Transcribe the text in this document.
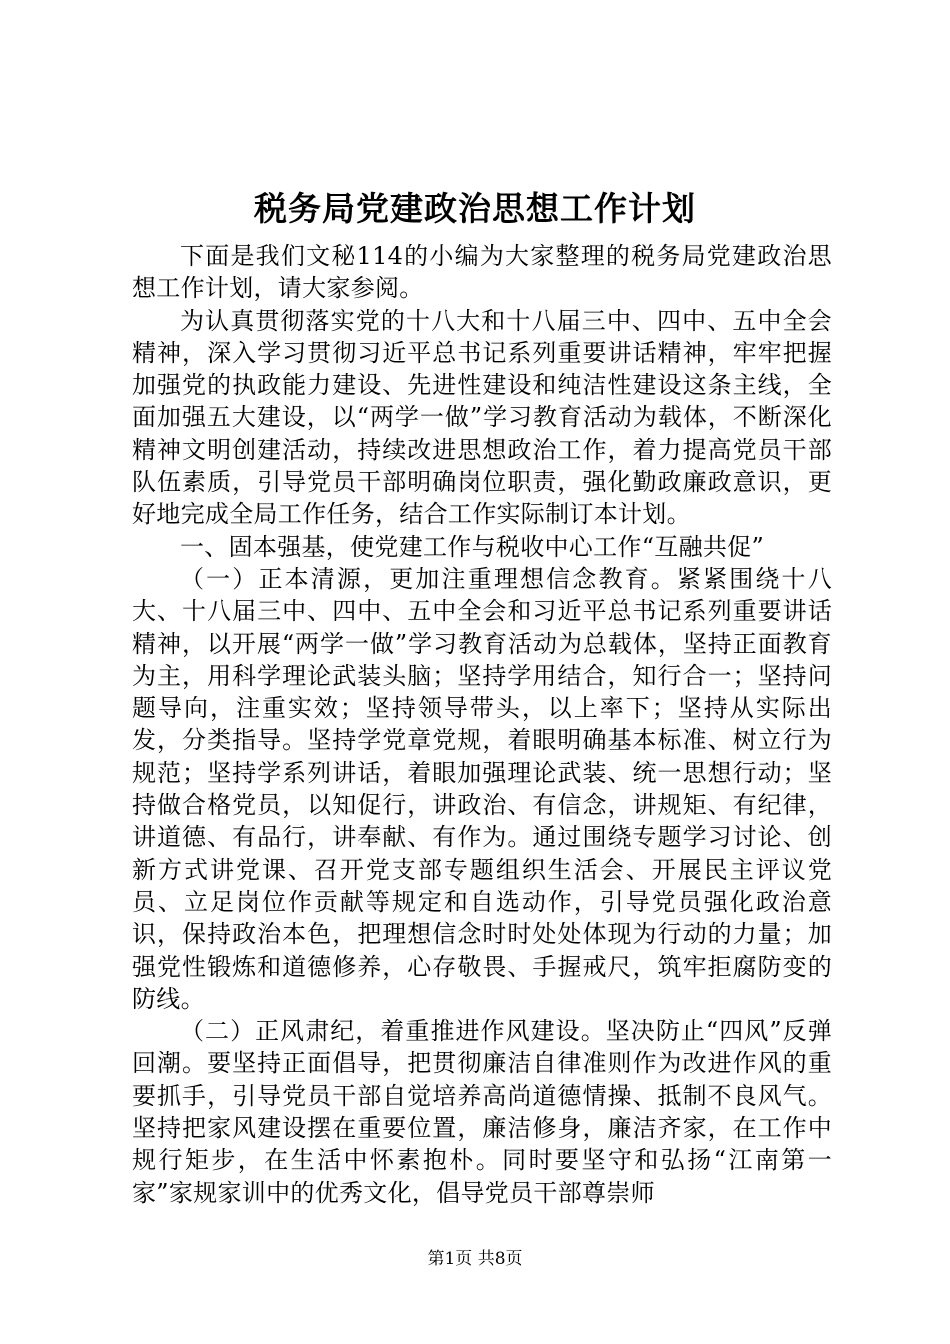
税务局党建政治思想工作计划

下面是我们文秘114的小编为大家整理的税务局党建政治思想工作计划，请大家参阅。

为认真贯彻落实党的十八大和十八届三中、四中、五中全会精神，深入学习贯彻习近平总书记系列重要讲话精神，牢牢把握加强党的执政能力建设、先进性建设和纯洁性建设这条主线，全面加强五大建设，以“两学一做”学习教育活动为载体，不断深化精神文明创建活动，持续改进思想政治工作，着力提高党员干部队伍素质，引导党员干部明确岗位职责，强化勤政廉政意识，更好地完成全局工作任务，结合工作实际制订本计划。

一、固本强基，使党建工作与税收中心工作“互融共促”

（一）正本清源，更加注重理想信念教育。紧紧围绕十八大、十八届三中、四中、五中全会和习近平总书记系列重要讲话精神，以开展“两学一做”学习教育活动为总载体，坚持正面教育为主，用科学理论武装头脑；坚持学用结合，知行合一；坚持问题导向，注重实效；坚持领导带头，以上率下；坚持从实际出发，分类指导。坚持学党章党规，着眼明确基本标准、树立行为规范；坚持学系列讲话，着眼加强理论武装、统一思想行动；坚持做合格党员，以知促行，讲政治、有信念，讲规矩、有纪律，讲道德、有品行，讲奉献、有作为。通过围绕专题学习讨论、创新方式讲党课、召开党支部专题组织生活会、开展民主评议党员、立足岗位作贡献等规定和自选动作，引导党员强化政治意识，保持政治本色，把理想信念时时处处体现为行动的力量；加强党性锻炼和道德修养，心存敬畏、手握戒尺，筑牢拒腐防变的防线。

（二）正风肃纪，着重推进作风建设。坚决防止“四风”反弹回潮。要坚持正面倡导，把贯彻廉洁自律准则作为改进作风的重要抓手，引导党员干部自觉培养高尚道德情操、抵制不良风气。坚持把家风建设摆在重要位置，廉洁修身，廉洁齐家，在工作中规行矩步，在生活中怀素抱朴。同时要坚守和弘扬“江南第一家”家规家训中的优秀文化，倡导党员干部尊崇师

第1页 共8页
